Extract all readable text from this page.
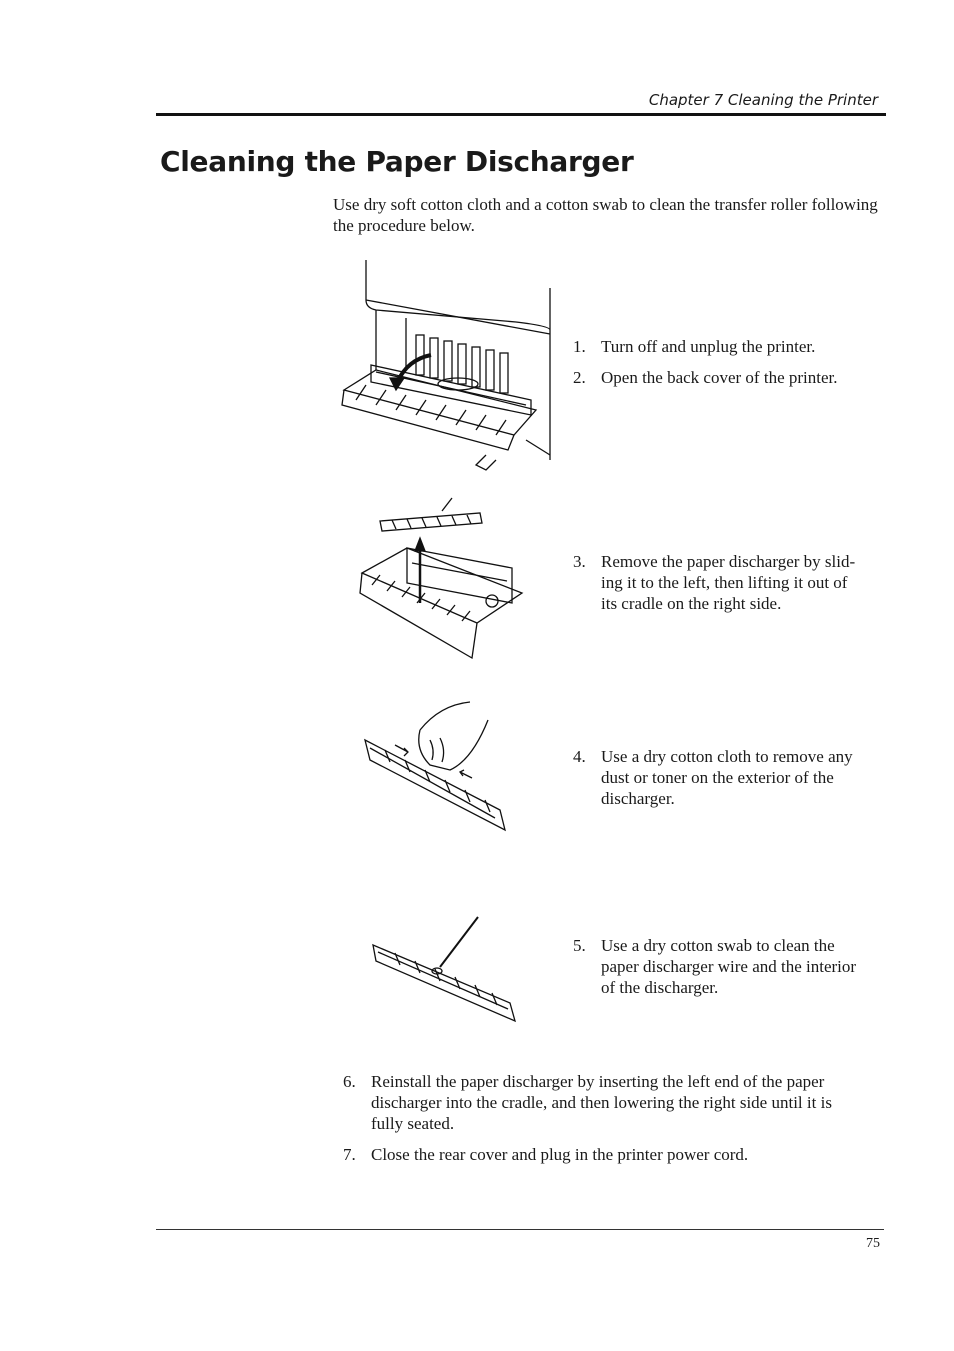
Chapter 7 Cleaning the Printer
Cleaning the Paper Discharger

Use dry soft cotton cloth and a cotton swab to clean the transfer roller following the procedure below.

1. Turn off and unplug the printer.
2. Open the back cover of the printer.
3. Remove the paper discharger by slid-
ing it to the left, then lifting it out of
its cradle on the right side.
4. Use a dry cotton cloth to remove any
dust or toner on the exterior of the
discharger.
5. Use a dry cotton swab to clean the
paper discharger wire and the interior
of the discharger.
6. Reinstall the paper discharger by inserting the left end of the paper
discharger into the cradle, and then lowering the right side until it is
fully seated.
7. Close the rear cover and plug in the printer power cord.
75
